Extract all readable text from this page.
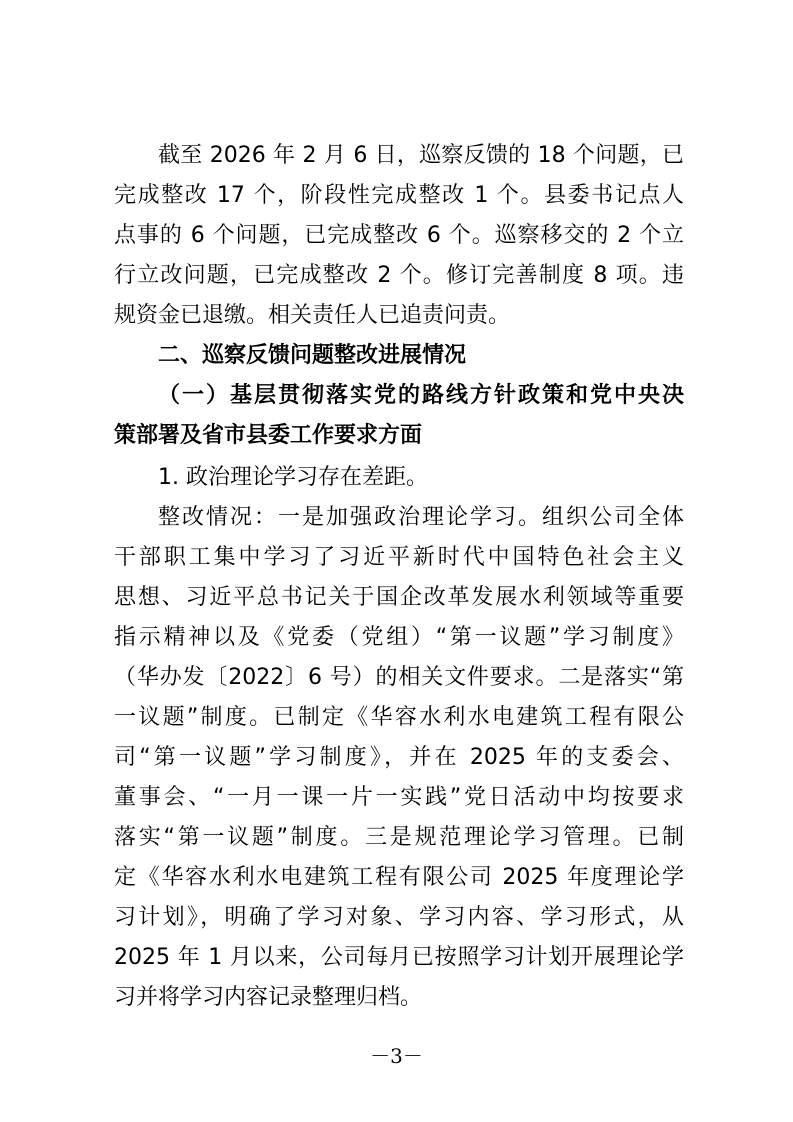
截至 2026 年 2 月 6 日，巡察反馈的 18 个问题，已
完成整改 17 个，阶段性完成整改 1 个。县委书记点人
点事的 6 个问题，已完成整改 6 个。巡察移交的 2 个立
行立改问题，已完成整改 2 个。修订完善制度 8 项。违
规资金已退缴。相关责任人已追责问责。
二、巡察反馈问题整改进展情况
（一）基层贯彻落实党的路线方针政策和党中央决
策部署及省市县委工作要求方面
1. 政治理论学习存在差距。
整改情况：一是加强政治理论学习。组织公司全体
干部职工集中学习了习近平新时代中国特色社会主义
思想、习近平总书记关于国企改革发展水利领域等重要
指示精神以及《党委（党组）“第一议题”学习制度》
（华办发〔2022〕6 号）的相关文件要求。二是落实“第
一议题”制度。已制定《华容水利水电建筑工程有限公
司“第一议题”学习制度》，并在 2025 年的支委会、
董事会、“一月一课一片一实践”党日活动中均按要求
落实“第一议题”制度。三是规范理论学习管理。已制
定《华容水利水电建筑工程有限公司 2025 年度理论学
习计划》，明确了学习对象、学习内容、学习形式，从
2025 年 1 月以来，公司每月已按照学习计划开展理论学
习并将学习内容记录整理归档。
－3－
